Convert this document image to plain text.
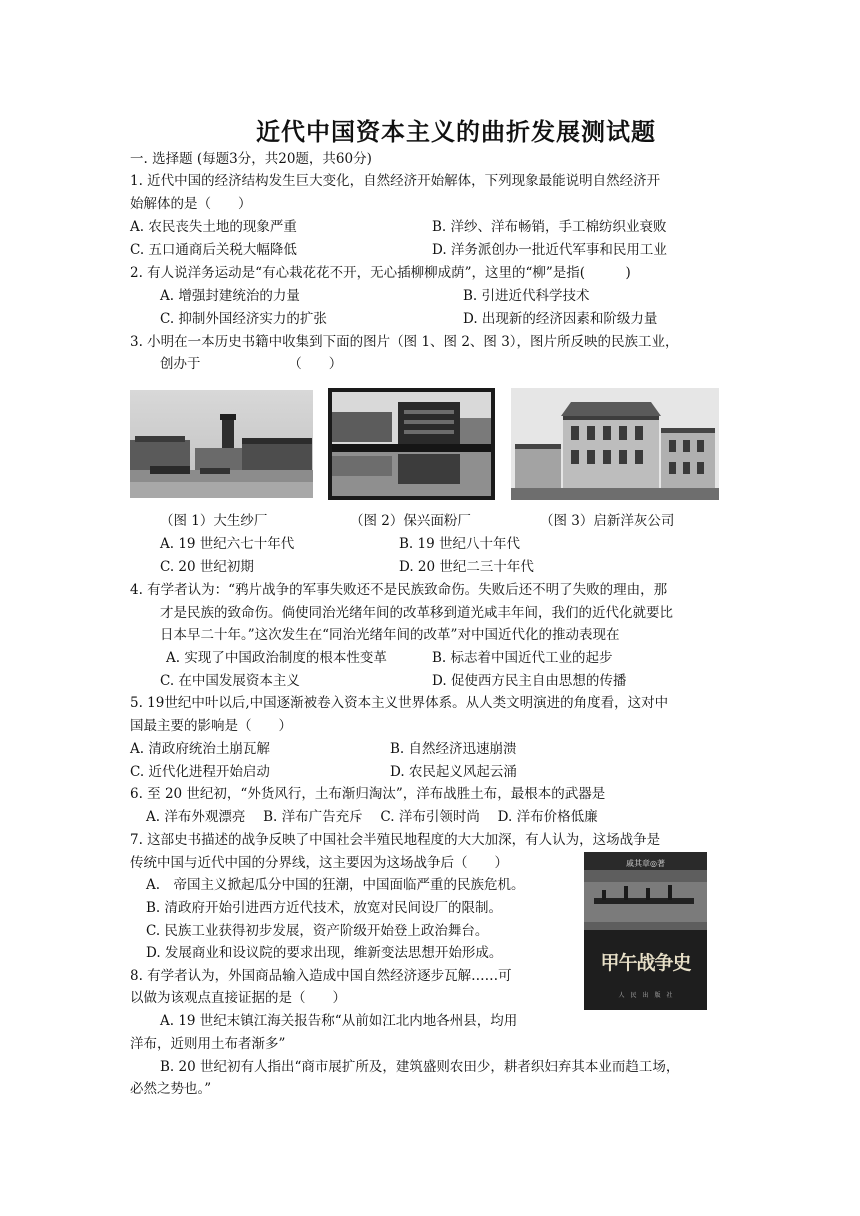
近代中国资本主义的曲折发展测试题
一. 选择题 (每题3分，共20题，共60分)
1. 近代中国的经济结构发生巨大变化，自然经济开始解体，下列现象最能说明自然经济开
始解体的是（　　）
A. 农民丧失土地的现象严重	B. 洋纱、洋布畅销，手工棉纺织业衰败
C. 五口通商后关税大幅降低	D. 洋务派创办一批近代军事和民用工业
2. 有人说洋务运动是“有心栽花花不开，无心插柳柳成荫”，这里的“柳”是指(　　　)
A. 增强封建统治的力量	B. 引进近代科学技术
C. 抑制外国经济实力的扩张	D. 出现新的经济因素和阶级力量
3. 小明在一本历史书籍中收集到下面的图片（图 1、图 2、图 3），图片所反映的民族工业，
创办于　　　　　　　（　　）
（图 1）大生纱厂	（图 2）保兴面粉厂	（图 3）启新洋灰公司
A. 19 世纪六七十年代	B. 19 世纪八十年代
C. 20 世纪初期	D. 20 世纪二三十年代
4. 有学者认为：“鸦片战争的军事失败还不是民族致命伤。失败后还不明了失败的理由，那
才是民族的致命伤。倘使同治光绪年间的改革移到道光咸丰年间，我们的近代化就要比
日本早二十年。”这次发生在“同治光绪年间的改革”对中国近代化的推动表现在
A. 实现了中国政治制度的根本性变革	B. 标志着中国近代工业的起步
C. 在中国发展资本主义	D. 促使西方民主自由思想的传播
5. 19世纪中叶以后,中国逐渐被卷入资本主义世界体系。从人类文明演进的角度看，这对中
国最主要的影响是（　　）
A. 清政府统治土崩瓦解	B. 自然经济迅速崩溃
C. 近代化进程开始启动	D. 农民起义风起云涌
6. 至 20 世纪初，“外货风行，土布渐归淘汰”，洋布战胜土布，最根本的武器是
A. 洋布外观漂亮　 B. 洋布广告充斥　 C. 洋布引领时尚　 D. 洋布价格低廉
7. 这部史书描述的战争反映了中国社会半殖民地程度的大大加深，有人认为，这场战争是
传统中国与近代中国的分界线，这主要因为这场战争后（　　）
A.　帝国主义掀起瓜分中国的狂潮，中国面临严重的民族危机。
B. 清政府开始引进西方近代技术，放宽对民间设厂的限制。
C. 民族工业获得初步发展，资产阶级开始登上政治舞台。
D. 发展商业和设议院的要求出现，维新变法思想开始形成。
戚其章◎著
甲午战争史
人　民　出　版　社
8. 有学者认为，外国商品输入造成中国自然经济逐步瓦解……可
以做为该观点直接证据的是（　　）
A. 19 世纪末镇江海关报告称“从前如江北内地各州县，均用
洋布，近则用土布者渐多”
B. 20 世纪初有人指出“商市展扩所及，建筑盛则农田少，耕者织妇弃其本业而趋工场，
必然之势也。”
